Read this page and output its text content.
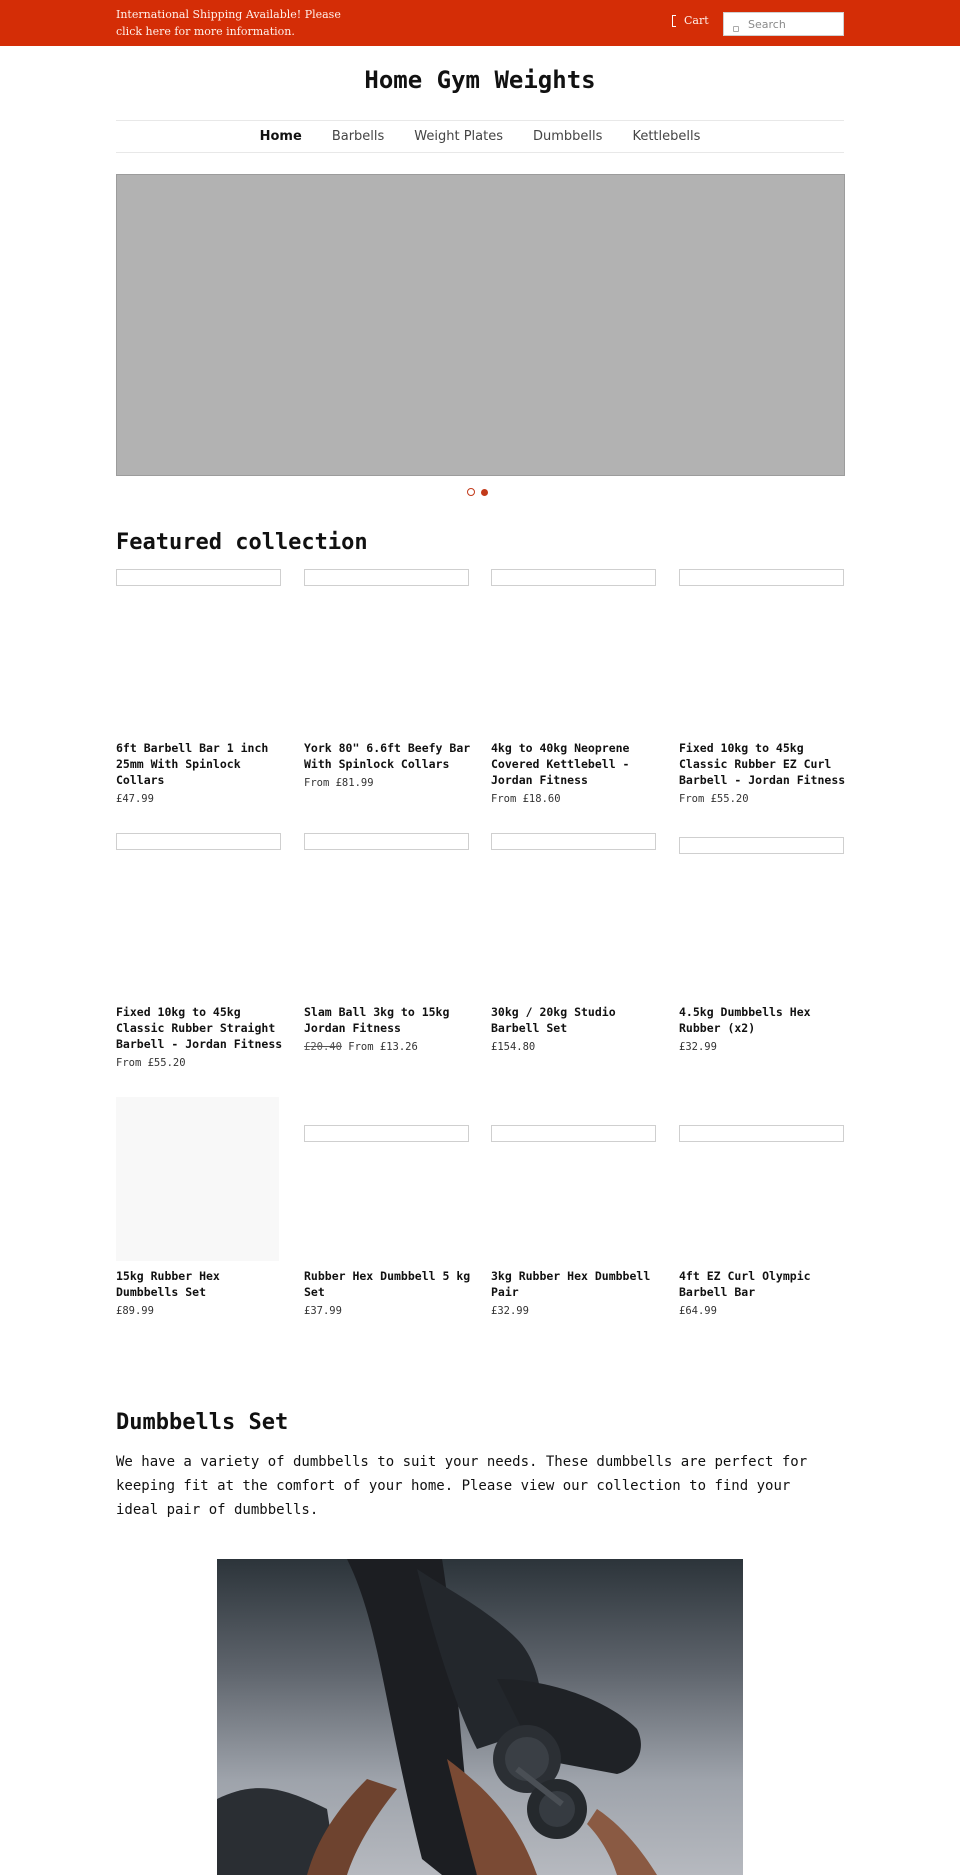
International Shipping Available! Please click here for more information.
Cart
Search
Home Gym Weights
Home Barbells Weight Plates Dumbbells Kettlebells
Featured collection
6ft Barbell Bar 1 inch 25mm With Spinlock Collars
£47.99
York 80" 6.6ft Beefy Bar With Spinlock Collars
From £81.99
4kg to 40kg Neoprene Covered Kettlebell - Jordan Fitness
From £18.60
Fixed 10kg to 45kg Classic Rubber EZ Curl Barbell - Jordan Fitness
From £55.20
Fixed 10kg to 45kg Classic Rubber Straight Barbell - Jordan Fitness
From £55.20
Slam Ball 3kg to 15kg Jordan Fitness
£20.40 From £13.26
30kg / 20kg Studio Barbell Set
£154.80
4.5kg Dumbbells Hex Rubber (x2)
£32.99
15kg Rubber Hex Dumbbells Set
£89.99
Rubber Hex Dumbbell 5 kg Set
£37.99
3kg Rubber Hex Dumbbell Pair
£32.99
4ft EZ Curl Olympic Barbell Bar
£64.99
Dumbbells Set
We have a variety of dumbbells to suit your needs. These dumbbells are perfect for keeping fit at the comfort of your home. Please view our collection to find your ideal pair of dumbbells.
